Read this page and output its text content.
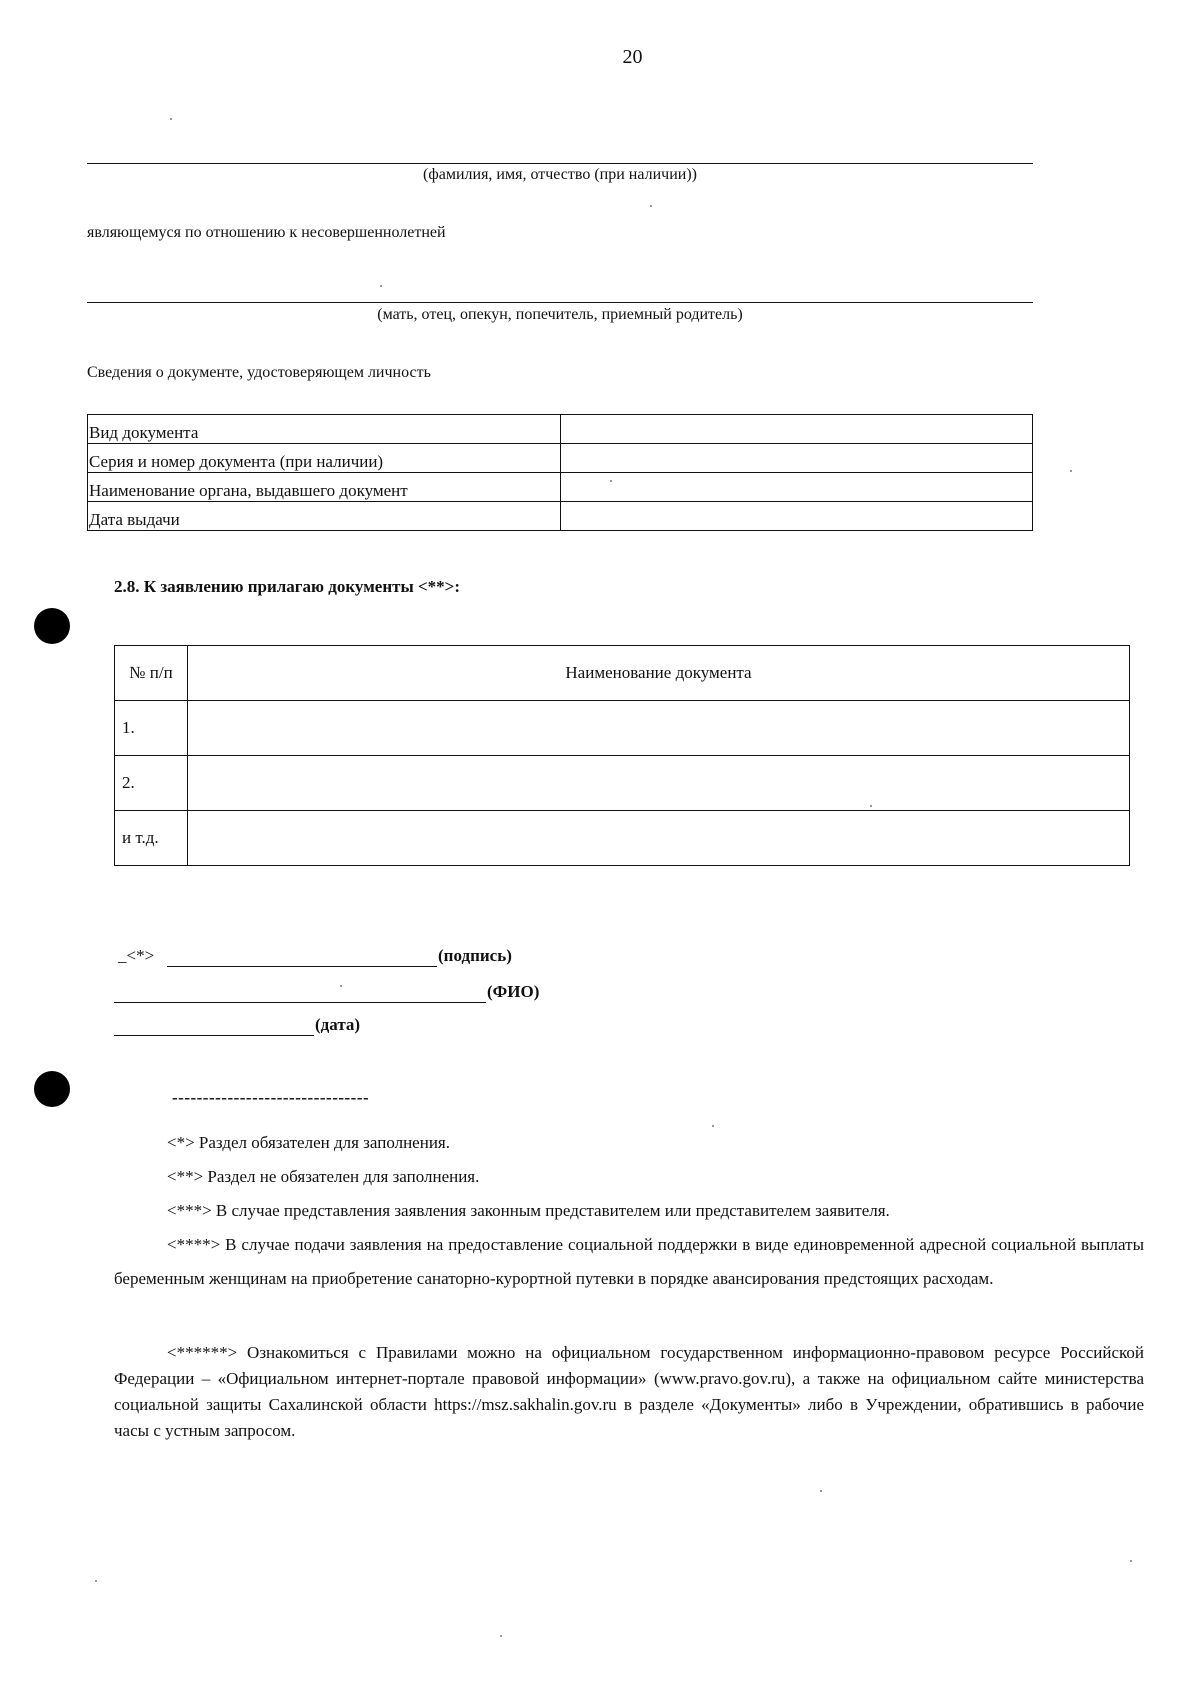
20
(фамилия, имя, отчество (при наличии))
являющемуся по отношению к несовершеннолетней
(мать, отец, опекун, попечитель, приемный родитель)
Сведения о документе, удостоверяющем личность
Вид документа	
Серия и номер документа (при наличии)	
Наименование органа, выдавшего документ	
Дата выдачи	
2.8. К заявлению прилагаю документы <**>:
№ п/п	Наименование документа
1.	
2.	
и т.д.	
_<*>	(подпись)
(ФИО)
(дата)
--------------------------------

<*> Раздел обязателен для заполнения.

<**> Раздел не обязателен для заполнения.

<***> В случае представления заявления законным представителем или представителем заявителя.

<****> В случае подачи заявления на предоставление социальной поддержки в виде единовременной адресной социальной выплаты беременным женщинам на приобретение санаторно-курортной путевки в порядке авансирования предстоящих расходам.

<******> Ознакомиться с Правилами можно на официальном государственном информационно-правовом ресурсе Российской Федерации – «Официальном интернет-портале правовой информации» (www.pravo.gov.ru), а также на официальном сайте министерства социальной защиты Сахалинской области https://msz.sakhalin.gov.ru в разделе «Документы» либо в Учреждении, обратившись в рабочие часы с устным запросом.
